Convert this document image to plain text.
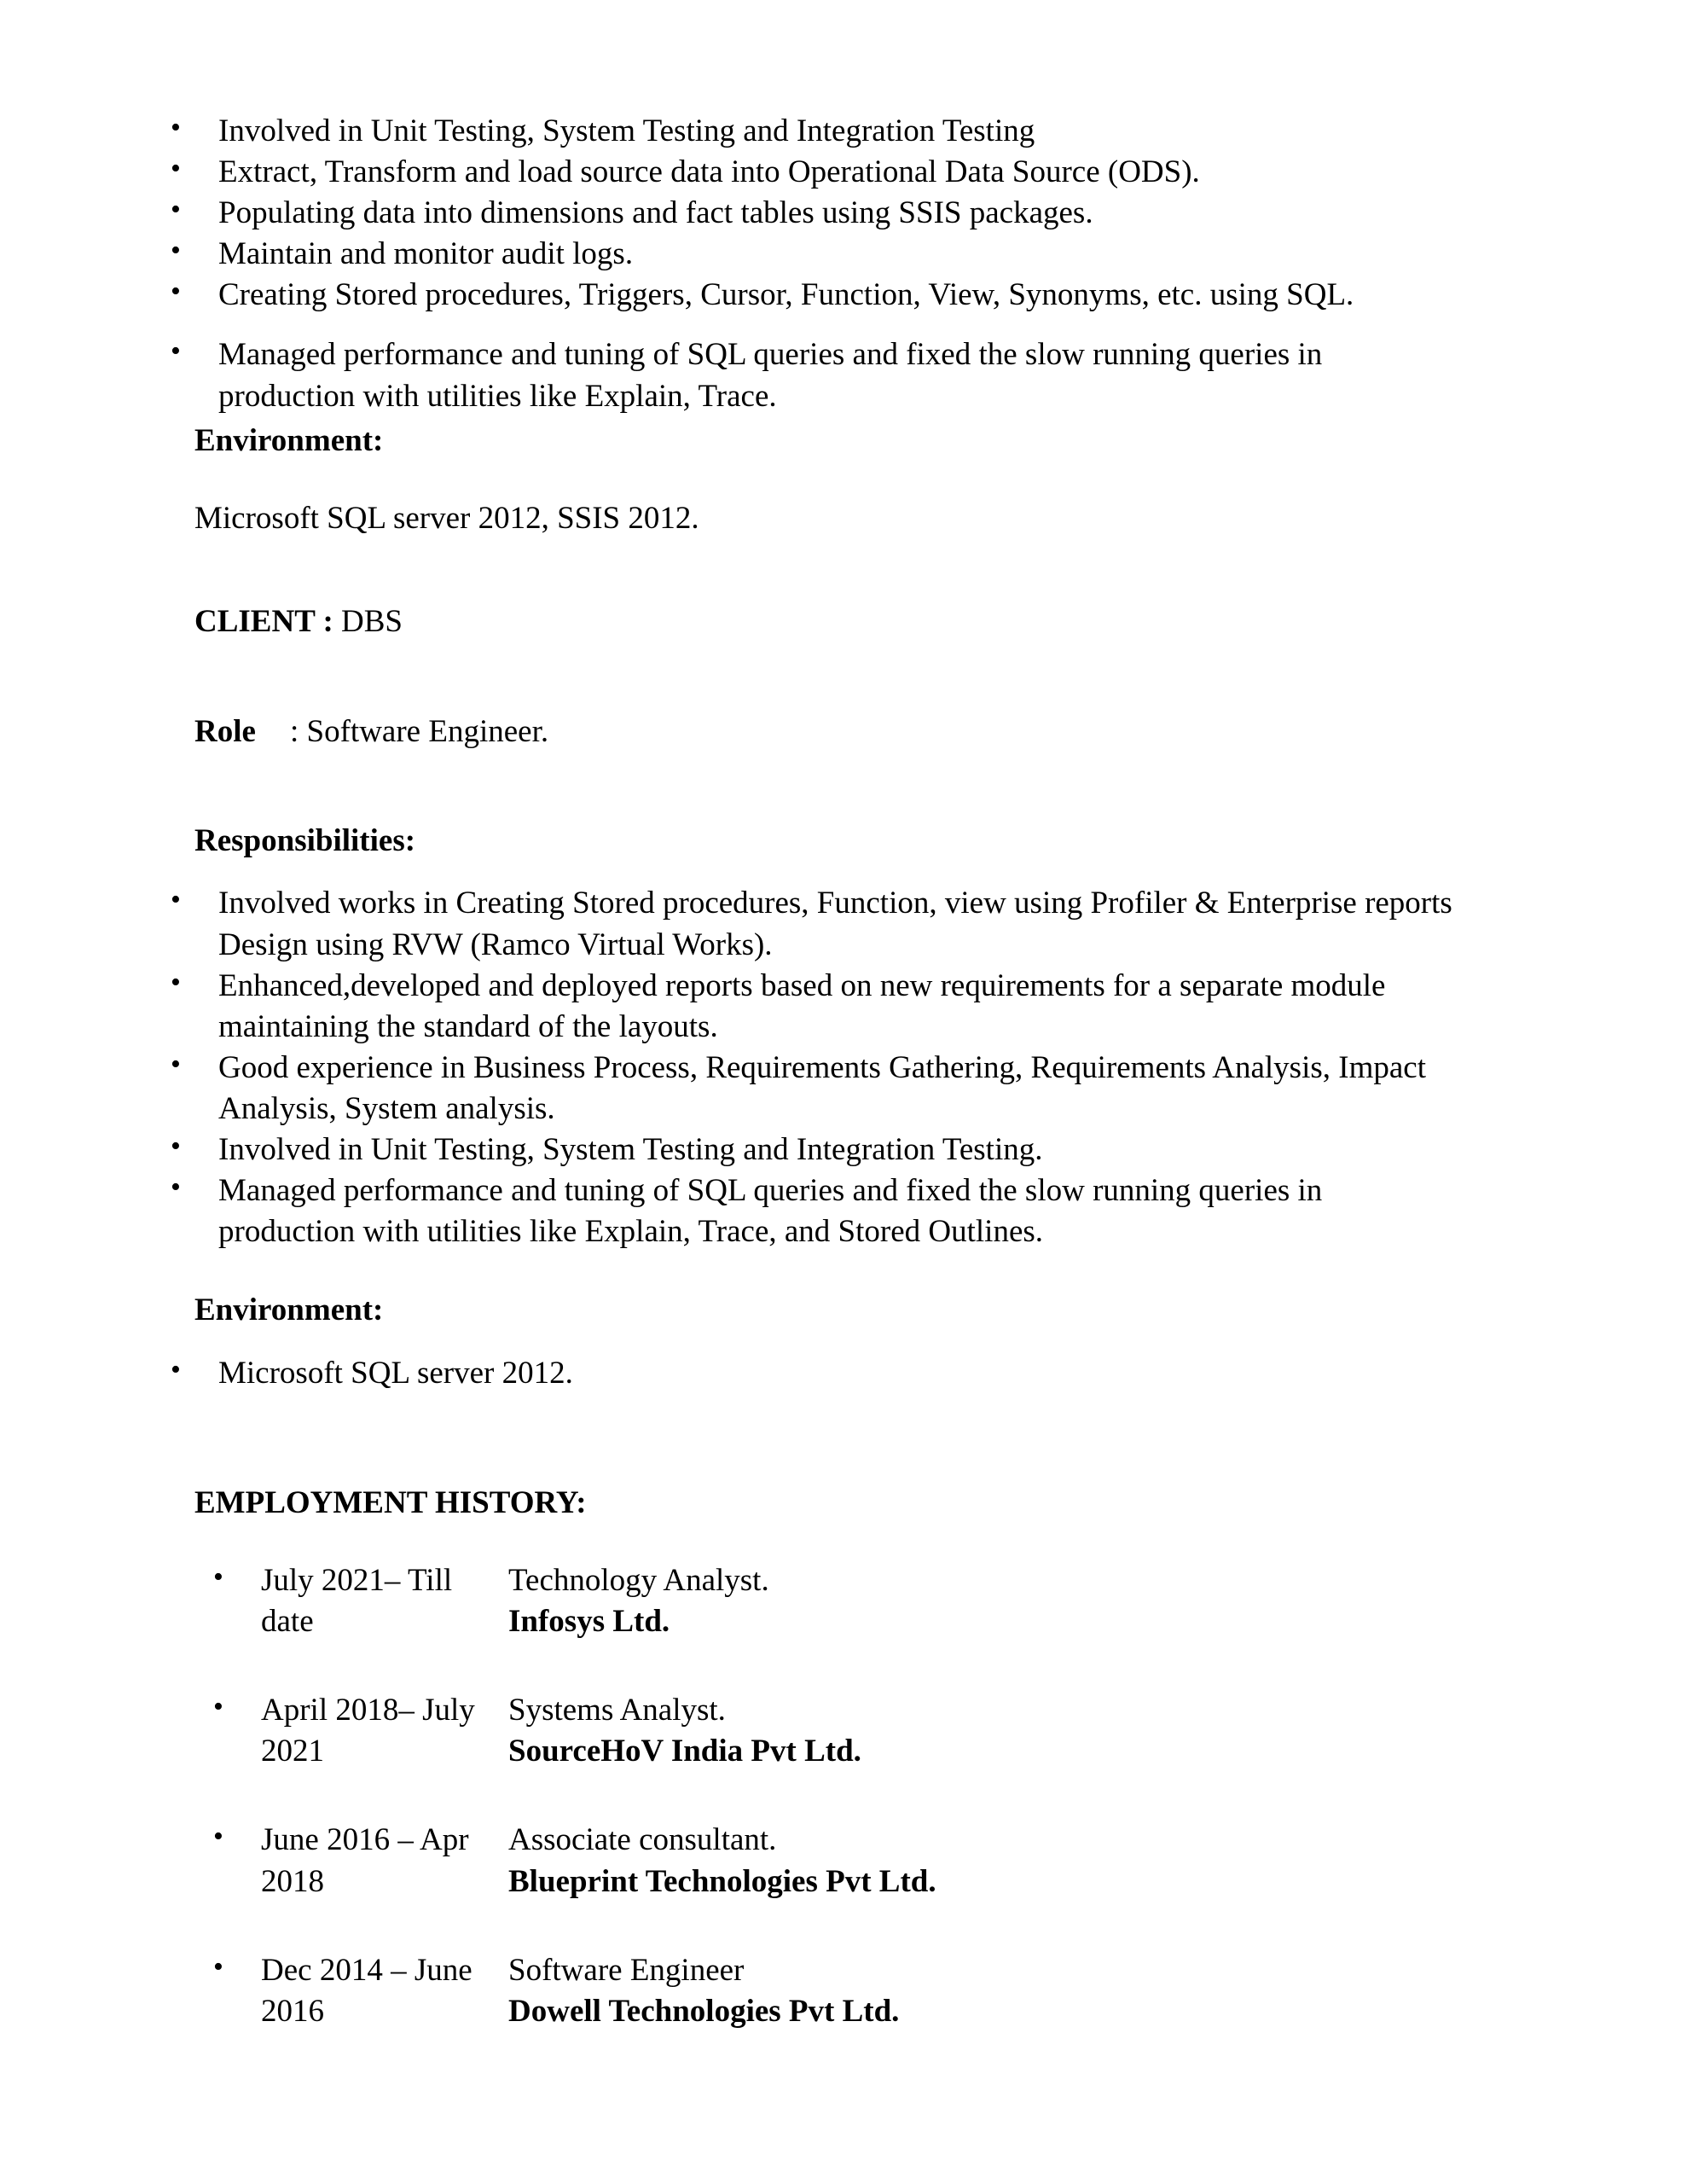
• Involved in Unit Testing, System Testing and Integration Testing
• Extract, Transform and load source data into Operational Data Source (ODS).
• Populating data into dimensions and fact tables using SSIS packages.
• Maintain and monitor audit logs.
• Creating Stored procedures, Triggers, Cursor, Function, View, Synonyms, etc. using SQL.
• Managed performance and tuning of SQL queries and fixed the slow running queries in production with utilities like Explain, Trace.

Environment:

Microsoft SQL server 2012, SSIS 2012.

CLIENT : DBS

Role : Software Engineer.

Responsibilities:

• Involved works in Creating Stored procedures, Function, view using Profiler & Enterprise reports Design using RVW (Ramco Virtual Works).
• Enhanced,developed and deployed reports based on new requirements for a separate module maintaining the standard of the layouts.
• Good experience in Business Process, Requirements Gathering, Requirements Analysis, Impact Analysis, System analysis.
• Involved in Unit Testing, System Testing and Integration Testing.
• Managed performance and tuning of SQL queries and fixed the slow running queries in production with utilities like Explain, Trace, and Stored Outlines.

Environment:

• Microsoft SQL server 2012.

EMPLOYMENT HISTORY:

• July 2021– Till date
Technology Analyst.
Infosys Ltd.
• April 2018– July 2021
Systems Analyst.
SourceHoV India Pvt Ltd.
• June 2016 – Apr 2018
Associate consultant.
Blueprint Technologies Pvt Ltd.
• Dec 2014 – June 2016
Software Engineer
Dowell Technologies Pvt Ltd.
